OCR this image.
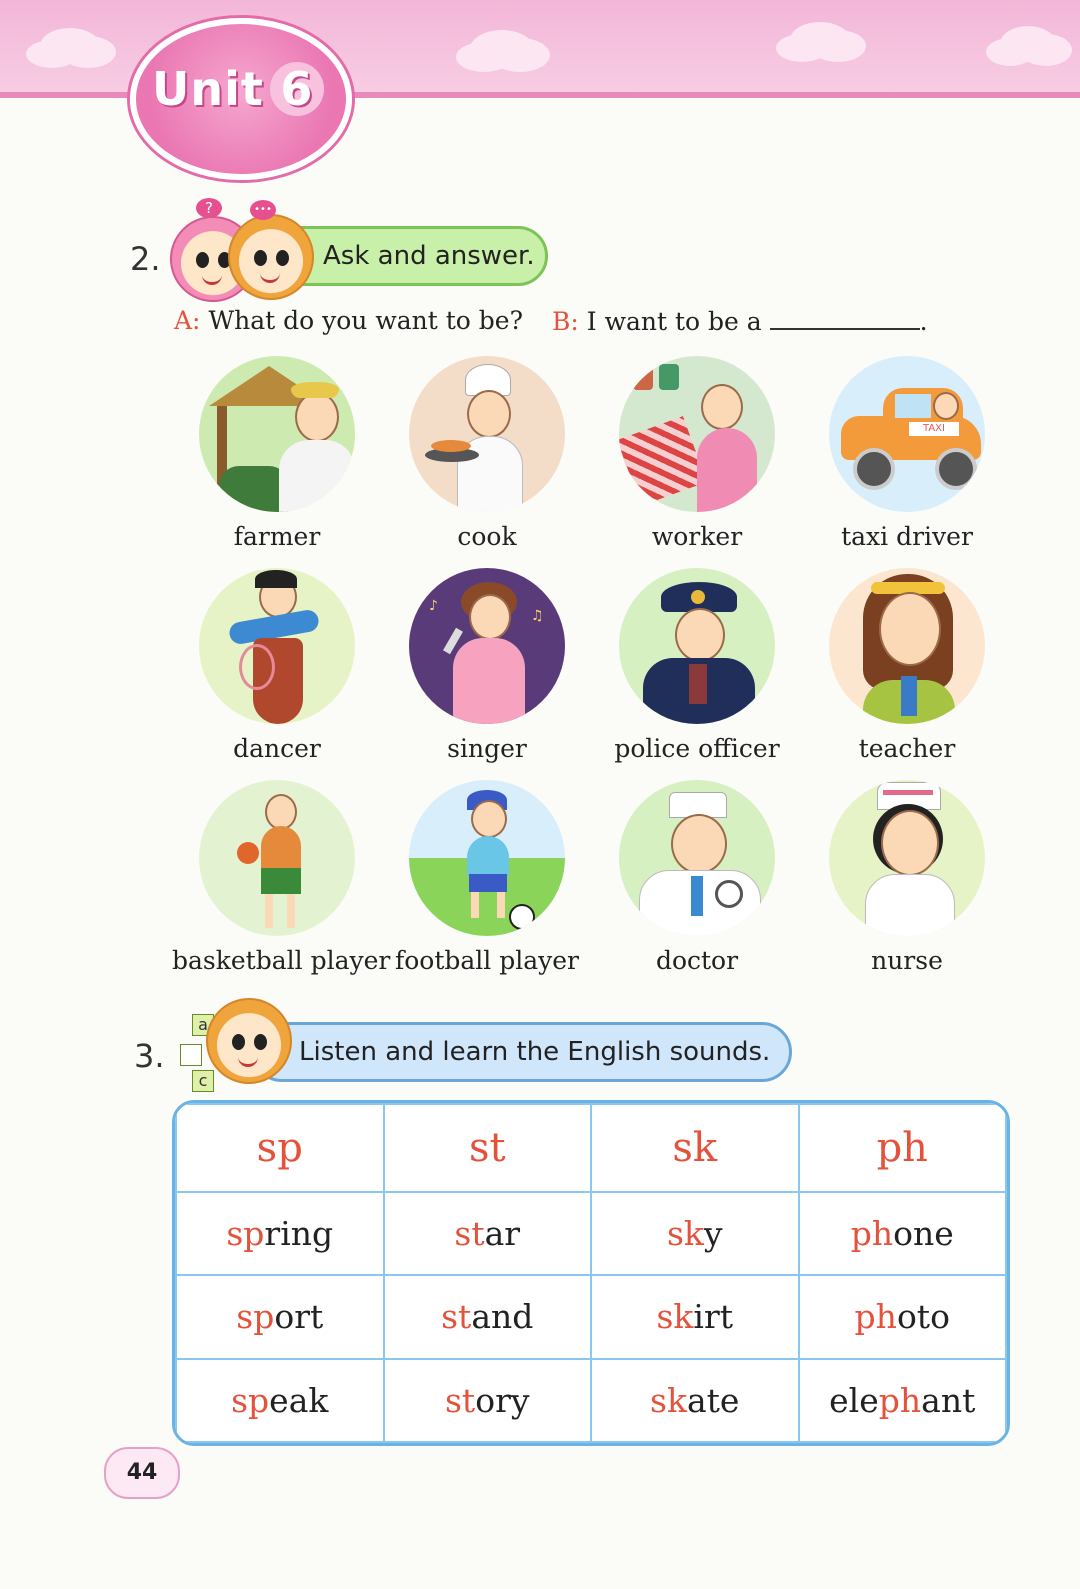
Unit 6
2.	Ask and answer.
?	•••
A: What do you want to be? B: I want to be a	.
farmer	cook	worker
TAXI
taxi driver
dancer
♪
♫
singer	police officer	teacher
basketball player football player	doctor	nurse
3.
a
c
Listen and learn the English sounds.
sp	st	sk	ph
spring	star	sky	phone
sport	stand	skirt	photo
speak	story	skate	elephant
44
